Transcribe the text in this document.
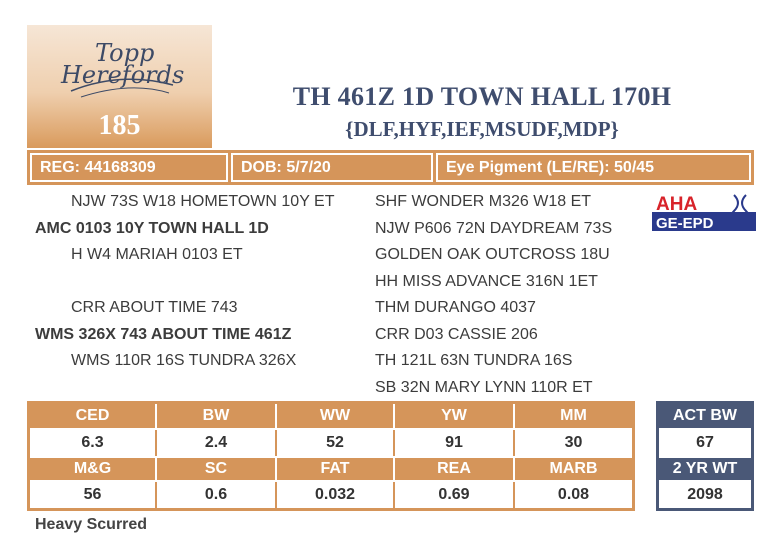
Topp
Herefords
185
TH 461Z 1D TOWN HALL 170H
{DLF,HYF,IEF,MSUDF,MDP}
REG: 44168309	DOB: 5/7/20	Eye Pigment (LE/RE): 50/45
NJW 73S W18 HOMETOWN 10Y ET
AMC 0103 10Y TOWN HALL 1D
H W4 MARIAH 0103 ET
CRR ABOUT TIME 743
WMS 326X 743 ABOUT TIME 461Z
WMS 110R 16S TUNDRA 326X
SHF WONDER M326 W18 ET
NJW P606 72N DAYDREAM 73S
GOLDEN OAK OUTCROSS 18U
HH MISS ADVANCE 316N 1ET
THM DURANGO 4037
CRR D03 CASSIE 206
TH 121L 63N TUNDRA 16S
SB 32N MARY LYNN 110R ET
AHA
GE-EPD
CED	BW	WW	YW	MM
6.3	2.4	52	91	30
M&G	SC	FAT	REA	MARB
56	0.6	0.032	0.69	0.08
ACT BW
67
2 YR WT
2098
Heavy Scurred
